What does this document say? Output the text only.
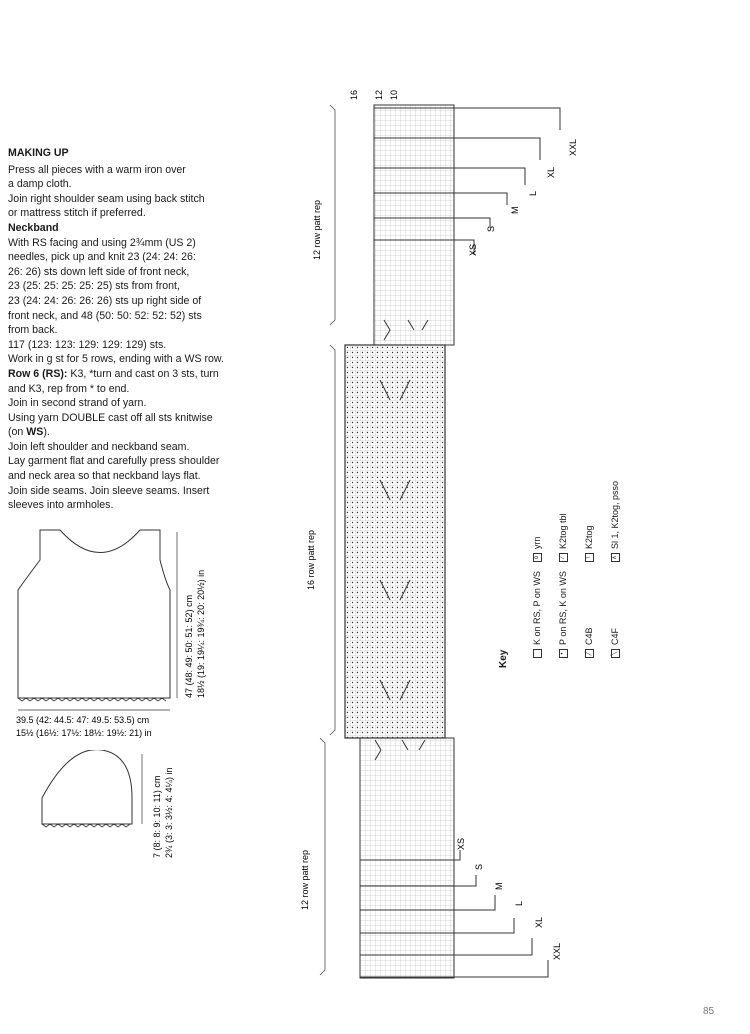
MAKING UP

Press all pieces with a warm iron over

a damp cloth.

Join right shoulder seam using back stitch

or mattress stitch if preferred.

Neckband

With RS facing and using 2¾mm (US 2)

needles, pick up and knit 23 (24: 24: 26:

26: 26) sts down left side of front neck,

23 (25: 25: 25: 25: 25) sts from front,

23 (24: 24: 26: 26: 26) sts up right side of

front neck, and 48 (50: 50: 52: 52: 52) sts

from back.

117 (123: 123: 129: 129: 129) sts.

Work in g st for 5 rows, ending with a WS row.

Row 6 (RS): K3, *turn and cast on 3 sts, turn

and K3, rep from * to end.

Join in second strand of yarn.

Using yarn DOUBLE cast off all sts knitwise

(on WS).

Join left shoulder and neckband seam.

Lay garment flat and carefully press shoulder

and neck area so that neckband lays flat.

Join side seams. Join sleeve seams. Insert

sleeves into armholes.

47 (48: 49: 50: 51: 52) cm 18½ (19: 19¼: 19¾: 20: 20½) in
39.5 (42: 44.5: 47: 49.5: 53.5) cm
15½ (16½: 17½: 18½: 19½: 21) in
7 (8: 8: 9: 10: 11) cm 2¾ (3: 3: 3½: 4: 4¼) in
16 12 10
12 row patt rep
16 row patt rep
12 row patt rep
XXL
XL
L
M
S
XS
XS
S
M
L
XL
XXL
Key
K on RS, P on WS
oyrn
•P on RS, K on WS
⁄K2tog tbl
╱C4B
\K2tog
╲C4F
∧Sl 1, K2tog, psso
85
